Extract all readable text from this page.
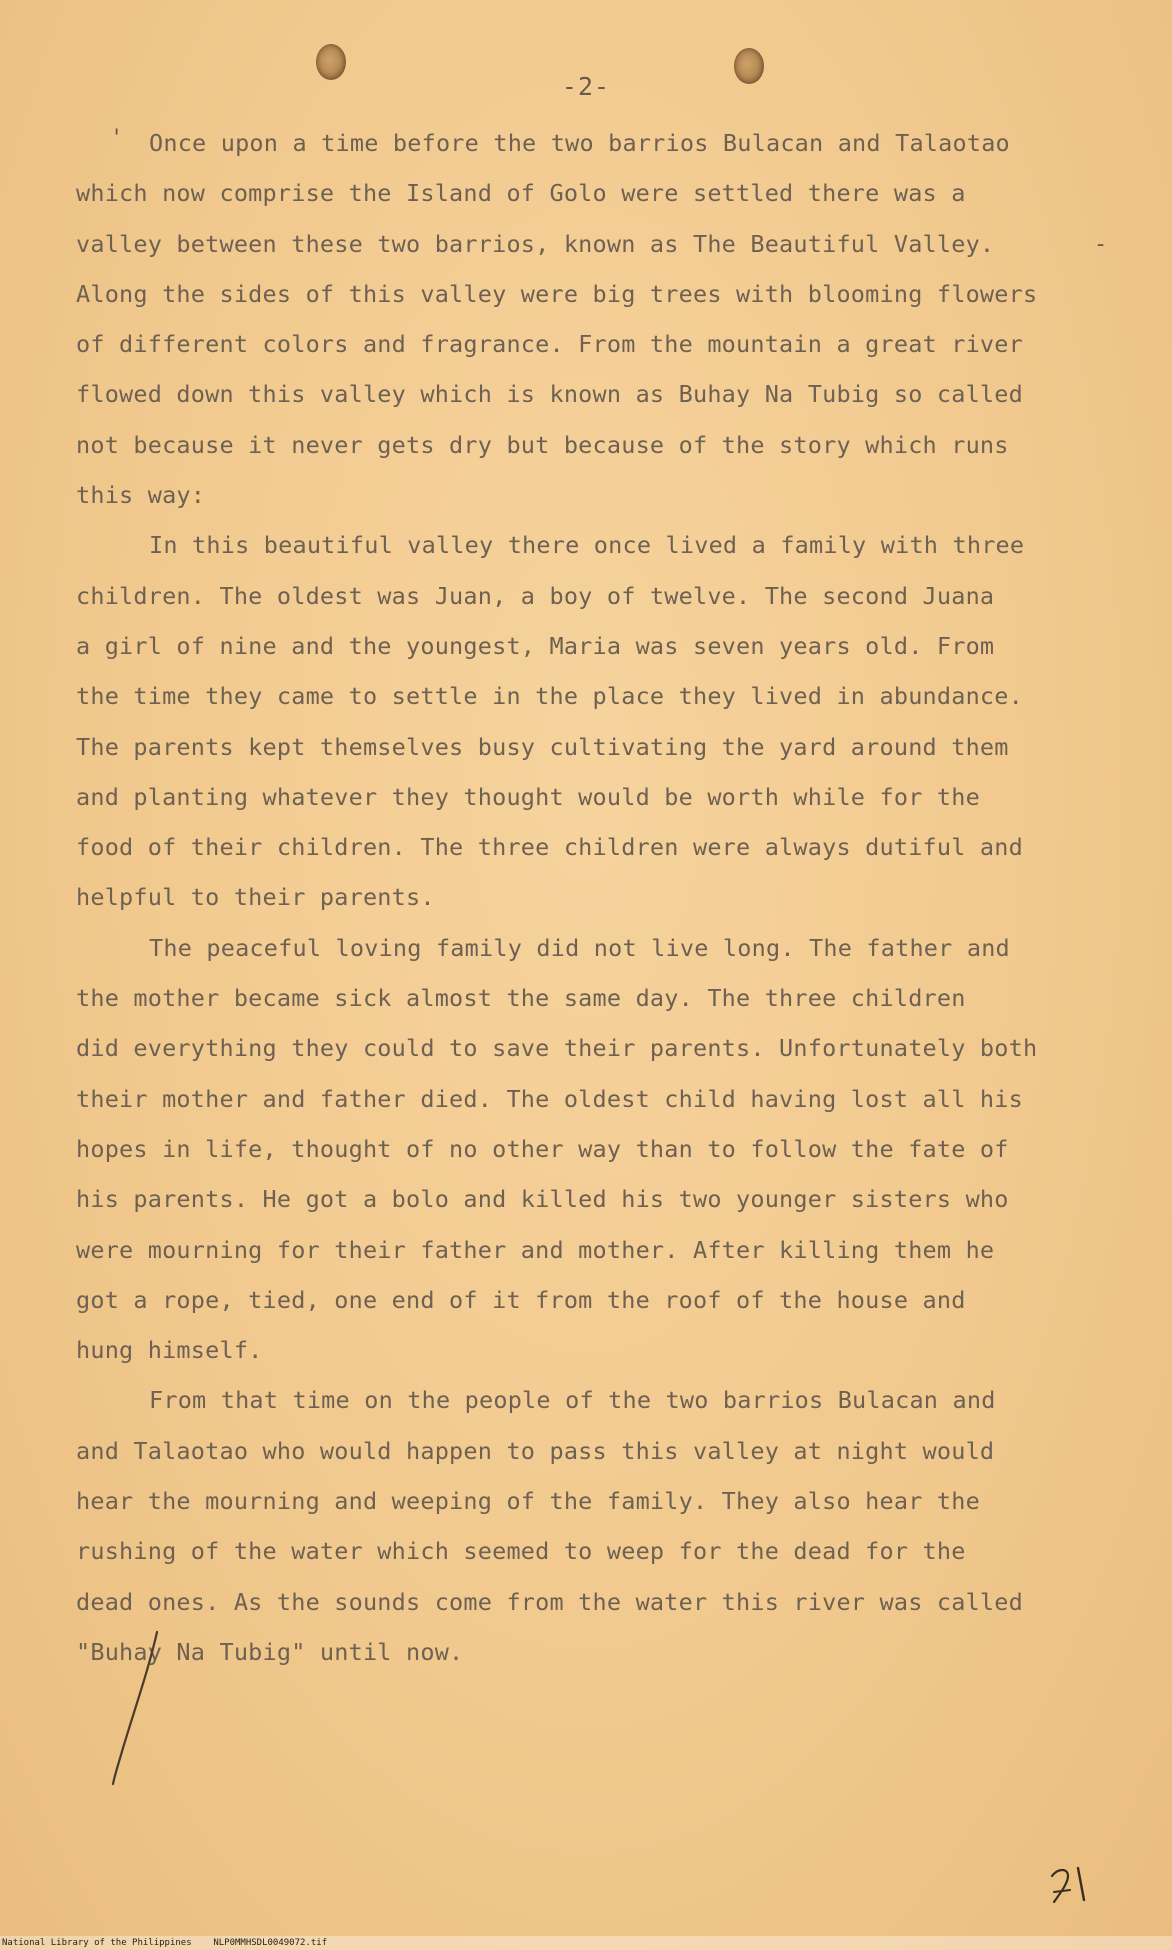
-2-
'
-
Once upon a time before the two barrios Bulacan and Talaotao
which now comprise the Island of Golo were settled there was a
valley between these two barrios, known as The Beautiful Valley.
Along the sides of this valley were big trees with blooming flowers
of different colors and fragrance. From the mountain a great river
flowed down this valley which is known as Buhay Na Tubig so called
not because it never gets dry but because of the story which runs
this way:
In this beautiful valley there once lived a family with three
children. The oldest was Juan, a boy of twelve. The second Juana
a girl of nine and the youngest, Maria was seven years old. From
the time they came to settle in the place they lived in abundance.
The parents kept themselves busy cultivating the yard around them
and planting whatever they thought would be worth while for the
food of their children. The three children were always dutiful and
helpful to their parents.
The peaceful loving family did not live long. The father and
the mother became sick almost the same day. The three children
did everything they could to save their parents. Unfortunately both
their mother and father died. The oldest child having lost all his
hopes in life, thought of no other way than to follow the fate of
his parents. He got a bolo and killed his two younger sisters who
were mourning for their father and mother. After killing them he
got a rope, tied, one end of it from the roof of the house and
hung himself.
From that time on the people of the two barrios Bulacan and
and Talaotao who would happen to pass this valley at night would
hear the mourning and weeping of the family. They also hear the
rushing of the water which seemed to weep for the dead for the
dead ones. As the sounds come from the water this river was called
"Buhay Na Tubig" until now.
National Library of the Philippines    NLP0MMHSDL0049072.tif
